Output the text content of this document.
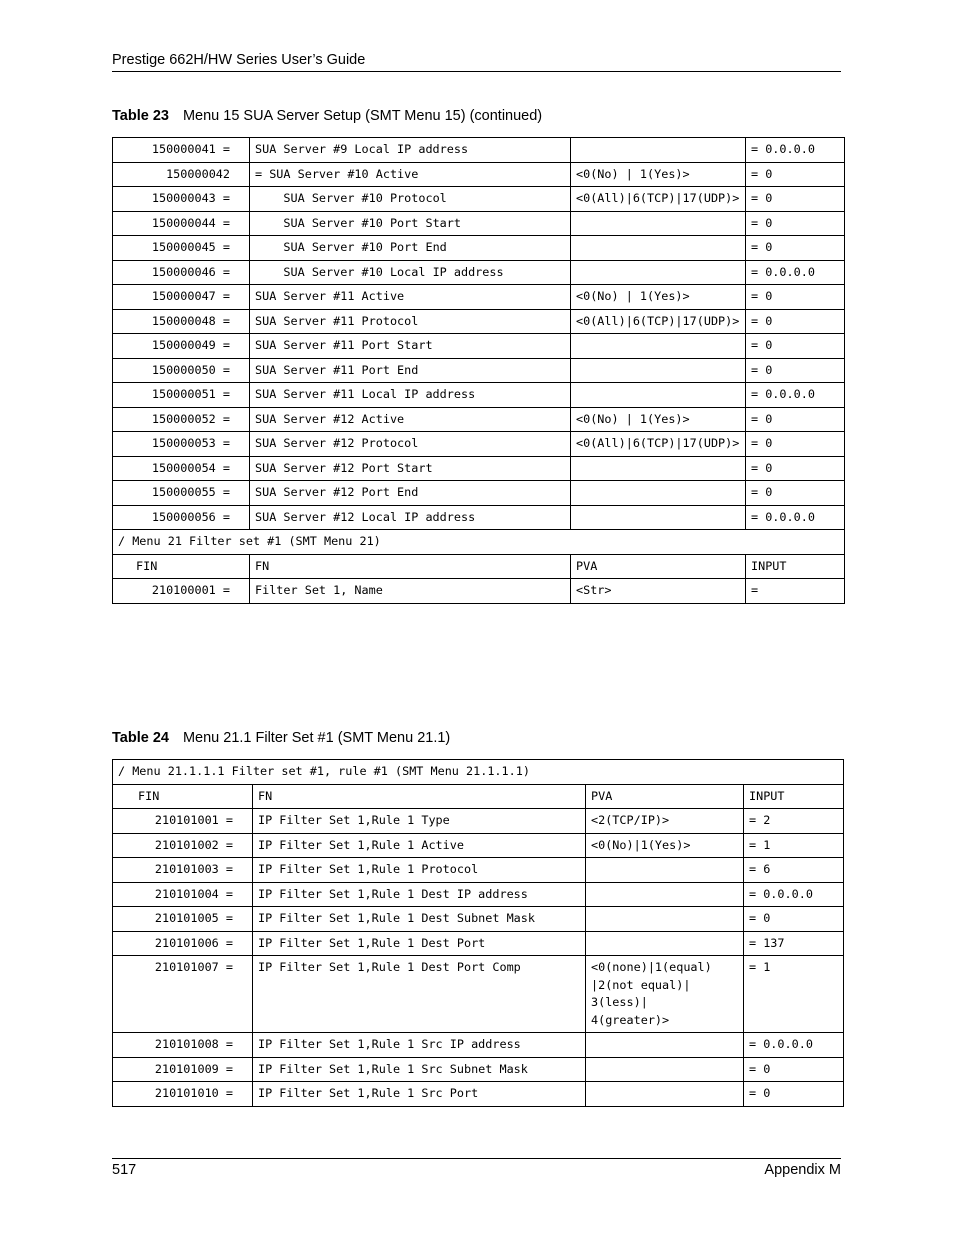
Prestige 662H/HW Series User’s Guide
Table 23 Menu 15 SUA Server Setup (SMT Menu 15) (continued)
150000041 =	SUA Server #9 Local IP address		= 0.0.0.0
150000042	= SUA Server #10 Active	<0(No) | 1(Yes)>	= 0
150000043 =	SUA Server #10 Protocol	<0(All)|6(TCP)|17(UDP)>	= 0
150000044 =	SUA Server #10 Port Start		= 0
150000045 =	SUA Server #10 Port End		= 0
150000046 =	SUA Server #10 Local IP address		= 0.0.0.0
150000047 =	SUA Server #11 Active	<0(No) | 1(Yes)>	= 0
150000048 =	SUA Server #11 Protocol	<0(All)|6(TCP)|17(UDP)>	= 0
150000049 =	SUA Server #11 Port Start		= 0
150000050 =	SUA Server #11 Port End		= 0
150000051 =	SUA Server #11 Local IP address		= 0.0.0.0
150000052 =	SUA Server #12 Active	<0(No) | 1(Yes)>	= 0
150000053 =	SUA Server #12 Protocol	<0(All)|6(TCP)|17(UDP)>	= 0
150000054 =	SUA Server #12 Port Start		= 0
150000055 =	SUA Server #12 Port End		= 0
150000056 =	SUA Server #12 Local IP address		= 0.0.0.0
/ Menu 21 Filter set #1 (SMT Menu 21)			
FIN	FN	PVA	INPUT
210100001 =	Filter Set 1, Name	<Str>	=
Table 24 Menu 21.1 Filter Set #1 (SMT Menu 21.1)
/ Menu 21.1.1.1 Filter set #1, rule #1 (SMT Menu 21.1.1.1)			
FIN	FN	PVA	INPUT
210101001 =	IP Filter Set 1,Rule 1 Type	<2(TCP/IP)>	= 2
210101002 =	IP Filter Set 1,Rule 1 Active	<0(No)|1(Yes)>	= 1
210101003 =	IP Filter Set 1,Rule 1 Protocol		= 6
210101004 =	IP Filter Set 1,Rule 1 Dest IP address		= 0.0.0.0
210101005 =	IP Filter Set 1,Rule 1 Dest Subnet Mask		= 0
210101006 =	IP Filter Set 1,Rule 1 Dest Port		= 137
210101007 =	IP Filter Set 1,Rule 1 Dest Port Comp	<0(none)|1(equal)
|2(not equal)|
3(less)|
4(greater)>	= 1
210101008 =	IP Filter Set 1,Rule 1 Src IP address		= 0.0.0.0
210101009 =	IP Filter Set 1,Rule 1 Src Subnet Mask		= 0
210101010 =	IP Filter Set 1,Rule 1 Src Port		= 0
517	Appendix M
